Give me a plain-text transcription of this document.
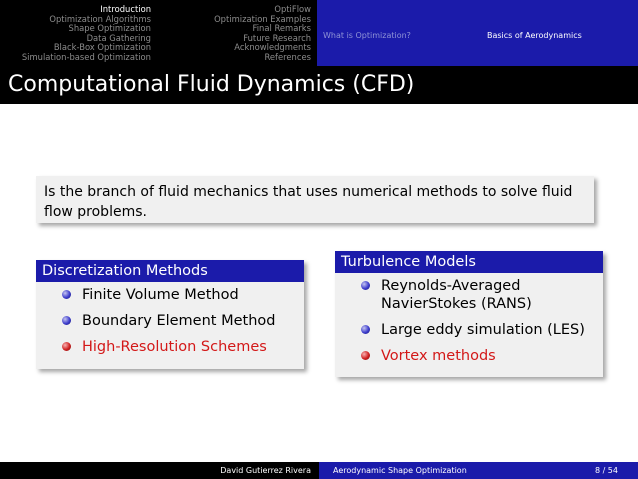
Introduction
Optimization Algorithms
Shape Optimization
Data Gathering
Black-Box Optimization
Simulation-based Optimization
OptiFlow
Optimization Examples
Final Remarks
Future Research
Acknowledgments
References
What is Optimization?	Basics of Aerodynamics
Computational Fluid Dynamics (CFD)

Is the branch of fluid mechanics that uses numerical methods to solve fluid flow problems.

Discretization Methods
Finite Volume Method
Boundary Element Method
High-Resolution Schemes
Turbulence Models
Reynolds-Averaged NavierStokes (RANS)
Large eddy simulation (LES)
Vortex methods
David Gutierrez Rivera	Aerodynamic Shape Optimization	8 / 54
